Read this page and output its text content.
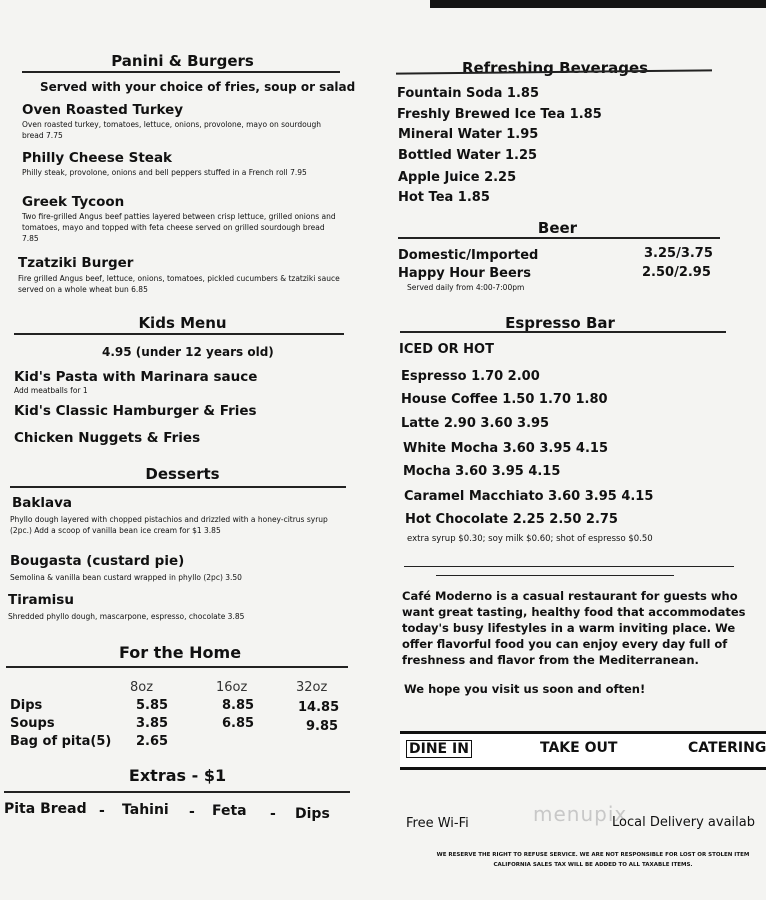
Panini & Burgers
Served with your choice of fries, soup or salad
Oven Roasted Turkey
Oven roasted turkey, tomatoes, lettuce, onions, provolone, mayo on sourdough bread 7.75
Philly Cheese Steak
Philly steak, provolone, onions and bell peppers stuffed in a French roll 7.95
Greek Tycoon
Two fire-grilled Angus beef patties layered between crisp lettuce, grilled onions and tomatoes, mayo and topped with feta cheese served on grilled sourdough bread 7.85
Tzatziki Burger
Fire grilled Angus beef, lettuce, onions, tomatoes, pickled cucumbers & tzatziki sauce served on a whole wheat bun 6.85
Kids Menu
4.95 (under 12 years old)
Kid's Pasta with Marinara sauce
Add meatballs for 1
Kid's Classic Hamburger & Fries
Chicken Nuggets & Fries
Desserts
Baklava
Phyllo dough layered with chopped pistachios and drizzled with a honey-citrus syrup (2pc.) Add a scoop of vanilla bean ice cream for $1 3.85
Bougasta (custard pie)
Semolina & vanilla bean custard wrapped in phyllo (2pc) 3.50
Tiramisu
Shredded phyllo dough, mascarpone, espresso, chocolate 3.85
For the Home
8oz	16oz	32oz
Dips	5.85	8.85	14.85
Soups	3.85	6.85	9.85
Bag of pita(5) 2.65
Extras - $1
Pita Bread - Tahini - Feta - Dips
Refreshing Beverages
Fountain Soda 1.85
Freshly Brewed Ice Tea 1.85
Mineral Water 1.95
Bottled Water 1.25
Apple Juice 2.25
Hot Tea 1.85
Beer
Domestic/Imported	3.25/3.75
Happy Hour Beers	2.50/2.95
Served daily from 4:00-7:00pm
Espresso Bar
ICED OR HOT
Espresso 1.70 2.00
House Coffee 1.50 1.70 1.80
Latte 2.90 3.60 3.95
White Mocha 3.60 3.95 4.15
Mocha 3.60 3.95 4.15
Caramel Macchiato 3.60 3.95 4.15
Hot Chocolate 2.25 2.50 2.75
extra syrup $0.30; soy milk $0.60; shot of espresso $0.50
Café Moderno is a casual restaurant for guests who want great tasting, healthy food that accommodates today's busy lifestyles in a warm inviting place. We offer flavorful food you can enjoy every day full of freshness and flavor from the Mediterranean.
We hope you visit us soon and often!
DINE IN	TAKE OUT	CATERING
Free Wi-Fi	menupix
Local Delivery availab
WE RESERVE THE RIGHT TO REFUSE SERVICE. WE ARE NOT RESPONSIBLE FOR LOST OR STOLEN ITEM
CALIFORNIA SALES TAX WILL BE ADDED TO ALL TAXABLE ITEMS.
